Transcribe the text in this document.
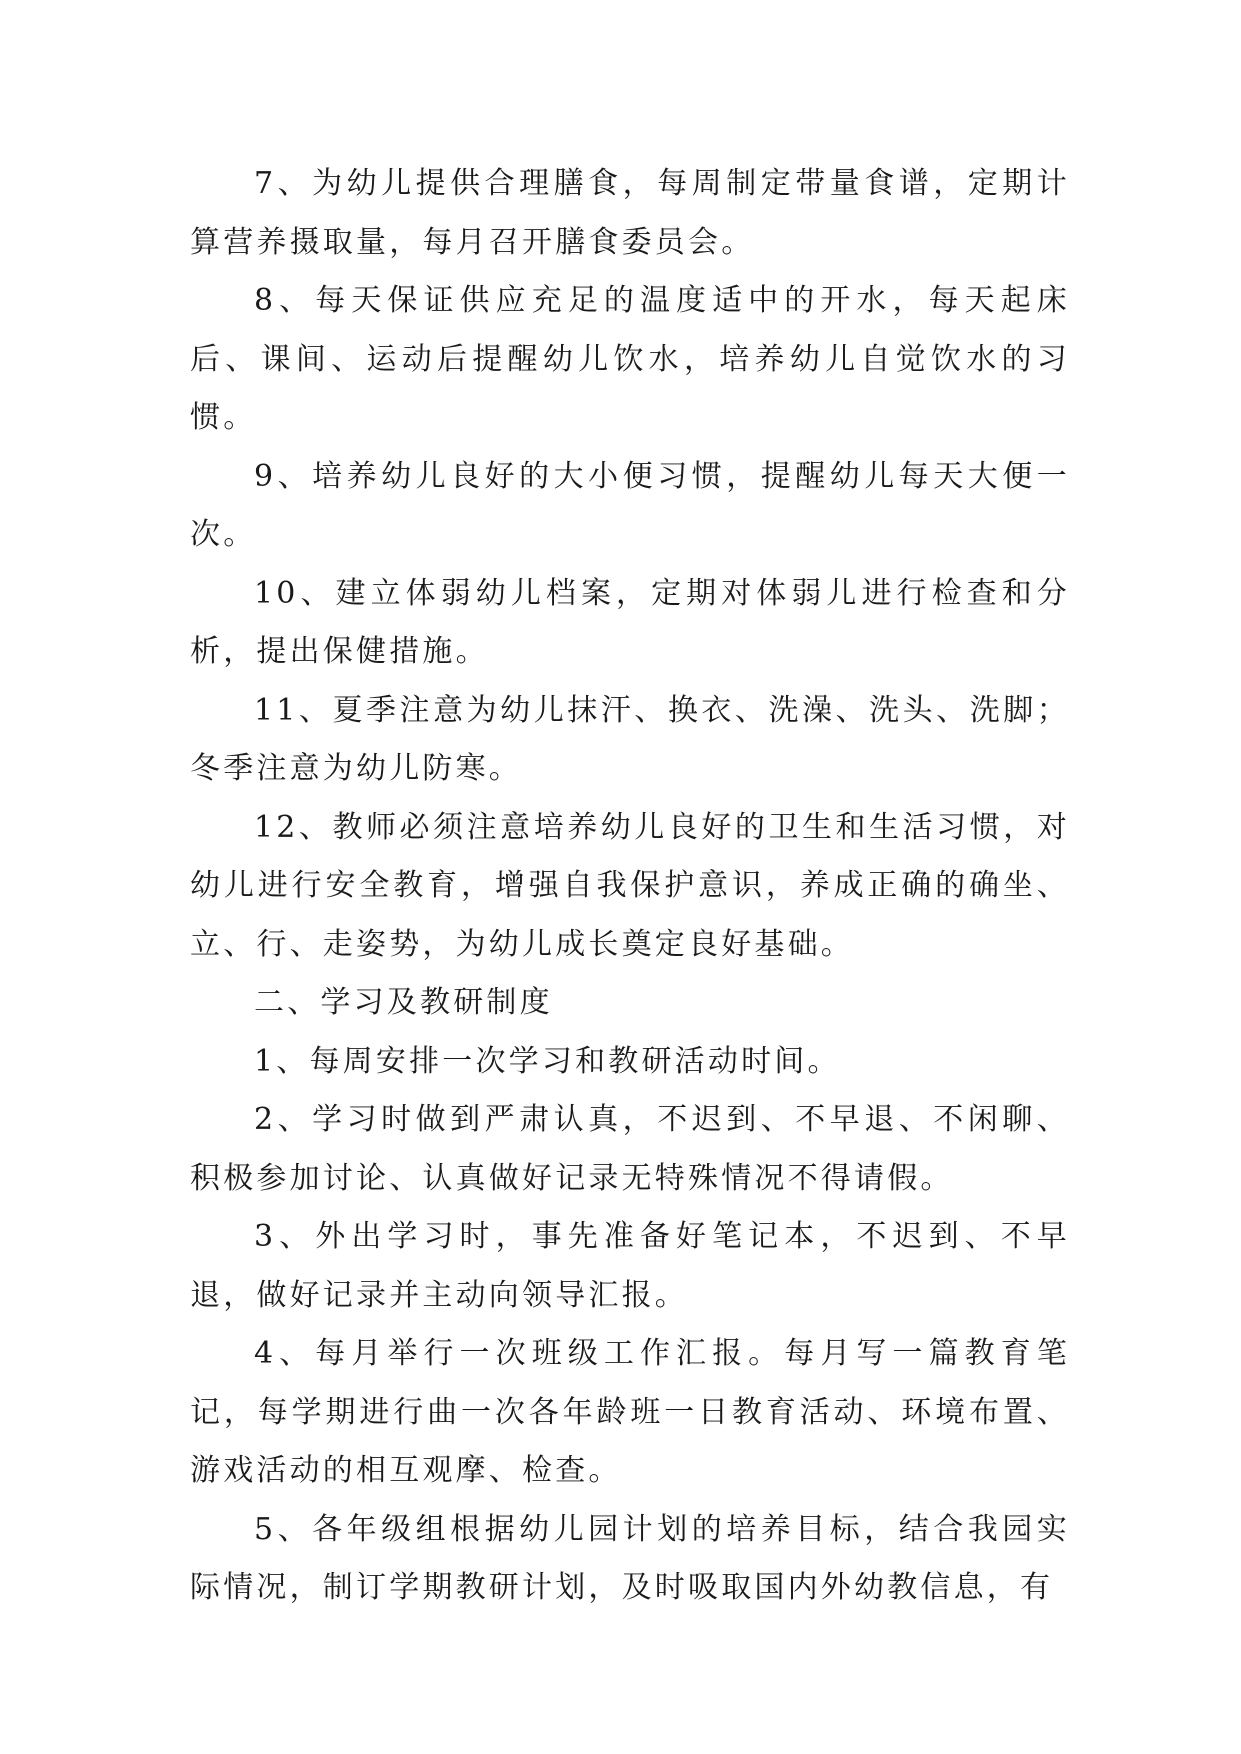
7、为幼儿提供合理膳食，每周制定带量食谱，定期计算营养摄取量，每月召开膳食委员会。

8、每天保证供应充足的温度适中的开水，每天起床后、课间、运动后提醒幼儿饮水，培养幼儿自觉饮水的习惯。

9、培养幼儿良好的大小便习惯，提醒幼儿每天大便一次。

10、建立体弱幼儿档案，定期对体弱儿进行检查和分析，提出保健措施。

11、夏季注意为幼儿抹汗、换衣、洗澡、洗头、洗脚；冬季注意为幼儿防寒。

12、教师必须注意培养幼儿良好的卫生和生活习惯，对幼儿进行安全教育，增强自我保护意识，养成正确的确坐、立、行、走姿势，为幼儿成长奠定良好基础。

二、学习及教研制度

1、每周安排一次学习和教研活动时间。

2、学习时做到严肃认真，不迟到、不早退、不闲聊、积极参加讨论、认真做好记录无特殊情况不得请假。

3、外出学习时，事先准备好笔记本，不迟到、不早退，做好记录并主动向领导汇报。

4、每月举行一次班级工作汇报。每月写一篇教育笔记，每学期进行曲一次各年龄班一日教育活动、环境布置、游戏活动的相互观摩、检查。

5、各年级组根据幼儿园计划的培养目标，结合我园实际情况，制订学期教研计划，及时吸取国内外幼教信息，有
